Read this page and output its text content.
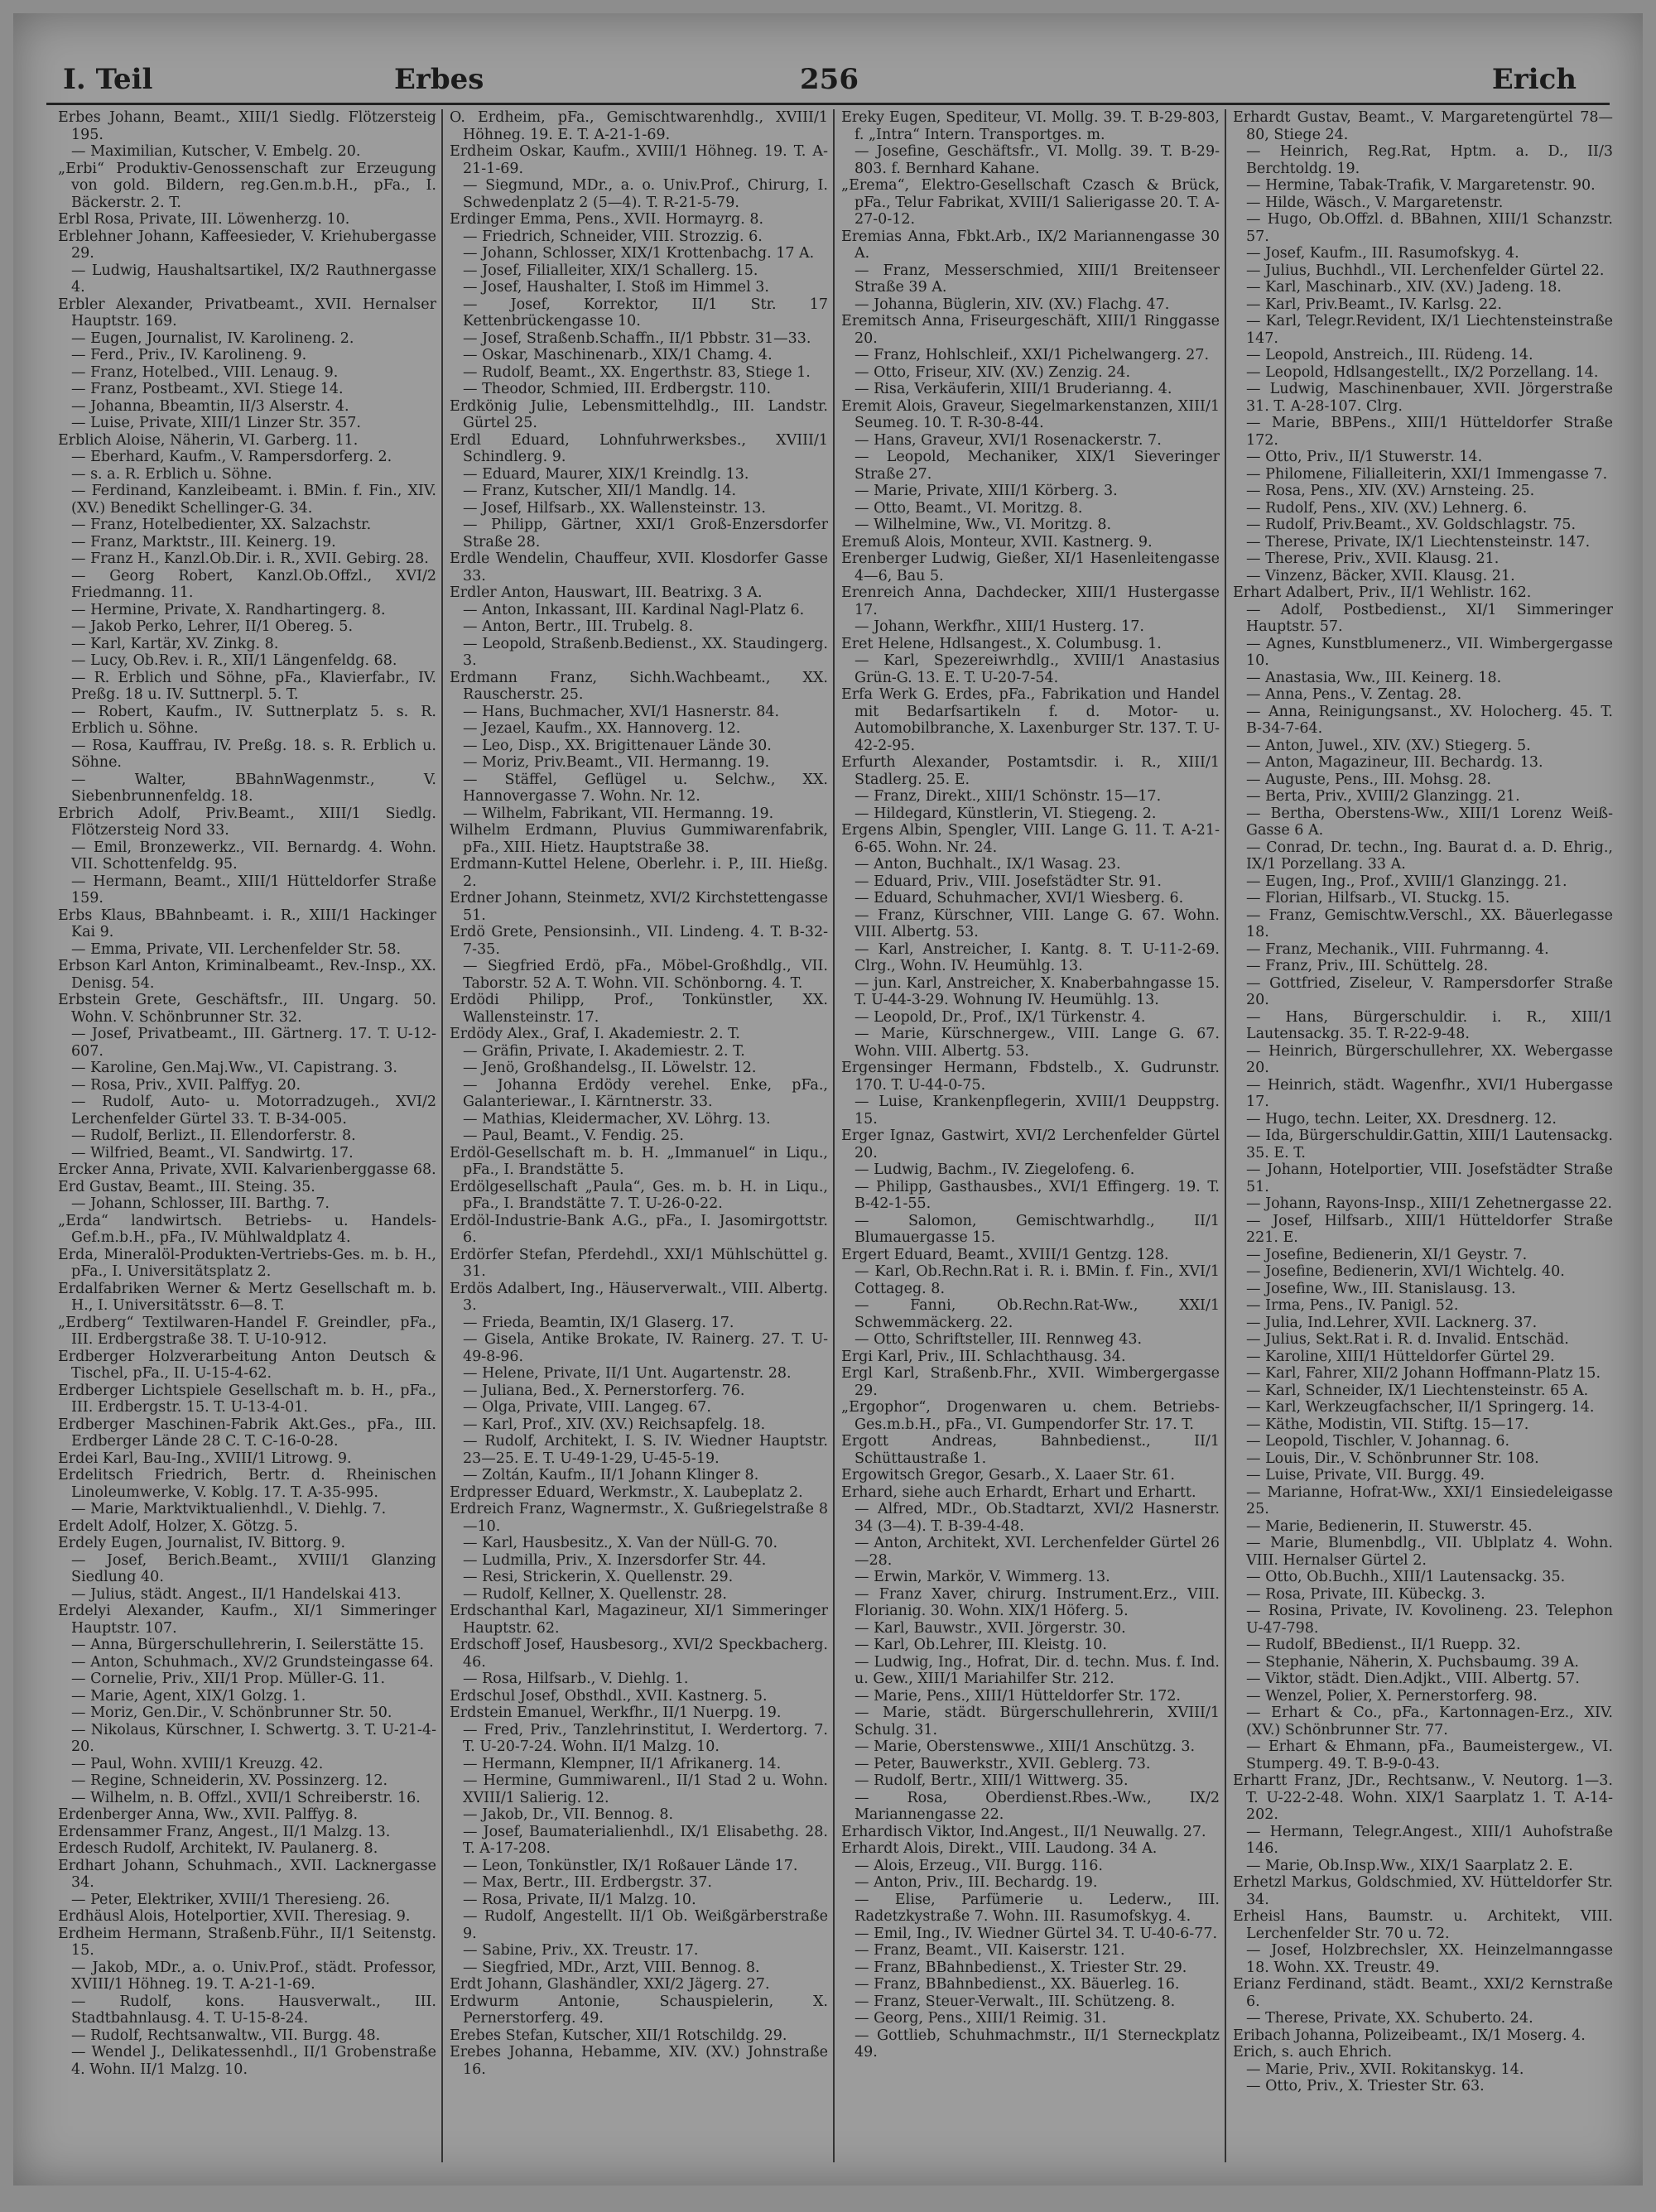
I. Teil	Erbes	256	Erich

Erbes Johann, Beamt., XIII/1 Siedlg. Flötzersteig 195.

— Maximilian, Kutscher, V. Embelg. 20.

„Erbi“ Produktiv-Genossenschaft zur Erzeugung von gold. Bildern, reg.Gen.m.b.H., pFa., I. Bäckerstr. 2. T.

Erbl Rosa, Private, III. Löwenherzg. 10.

Erblehner Johann, Kaffeesieder, V. Kriehubergasse 29.

— Ludwig, Haushaltsartikel, IX/2 Rauthnergasse 4.

Erbler Alexander, Privatbeamt., XVII. Hernalser Hauptstr. 169.

— Eugen, Journalist, IV. Karolineng. 2.

— Ferd., Priv., IV. Karolineng. 9.

— Franz, Hotelbed., VIII. Lenaug. 9.

— Franz, Postbeamt., XVI. Stiege 14.

— Johanna, Bbeamtin, II/3 Alserstr. 4.

— Luise, Private, XIII/1 Linzer Str. 357.

Erblich Aloise, Näherin, VI. Garberg. 11.

— Eberhard, Kaufm., V. Rampersdorferg. 2.

— s. a. R. Erblich u. Söhne.

— Ferdinand, Kanzleibeamt. i. BMin. f. Fin., XIV. (XV.) Benedikt Schellinger-G. 34.

— Franz, Hotelbedienter, XX. Salzachstr.

— Franz, Marktstr., III. Keinerg. 19.

— Franz H., Kanzl.Ob.Dir. i. R., XVII. Gebirg. 28.

— Georg Robert, Kanzl.Ob.Offzl., XVI/2 Friedmanng. 11.

— Hermine, Private, X. Randhartingerg. 8.

— Jakob Perko, Lehrer, II/1 Obereg. 5.

— Karl, Kartär, XV. Zinkg. 8.

— Lucy, Ob.Rev. i. R., XII/1 Längenfeldg. 68.

— R. Erblich und Söhne, pFa., Klavierfabr., IV. Preßg. 18 u. IV. Suttnerpl. 5. T.

— Robert, Kaufm., IV. Suttnerplatz 5. s. R. Erblich u. Söhne.

— Rosa, Kauffrau, IV. Preßg. 18. s. R. Erblich u. Söhne.

— Walter, BBahnWagenmstr., V. Siebenbrunnenfeldg. 18.

Erbrich Adolf, Priv.Beamt., XIII/1 Siedlg. Flötzersteig Nord 33.

— Emil, Bronzewerkz., VII. Bernardg. 4. Wohn. VII. Schottenfeldg. 95.

— Hermann, Beamt., XIII/1 Hütteldorfer Straße 159.

Erbs Klaus, BBahnbeamt. i. R., XIII/1 Hackinger Kai 9.

— Emma, Private, VII. Lerchenfelder Str. 58.

Erbson Karl Anton, Kriminalbeamt., Rev.-Insp., XX. Denisg. 54.

Erbstein Grete, Geschäftsfr., III. Ungarg. 50. Wohn. V. Schönbrunner Str. 32.

— Josef, Privatbeamt., III. Gärtnerg. 17. T. U-12-607.

— Karoline, Gen.Maj.Ww., VI. Capistrang. 3.

— Rosa, Priv., XVII. Palffyg. 20.

— Rudolf, Auto- u. Motorradzugeh., XVI/2 Lerchenfelder Gürtel 33. T. B-34-005.

— Rudolf, Berlizt., II. Ellendorferstr. 8.

— Wilfried, Beamt., VI. Sandwirtg. 17.

Ercker Anna, Private, XVII. Kalvarienberggasse 68.

Erd Gustav, Beamt., III. Steing. 35.

— Johann, Schlosser, III. Barthg. 7.

„Erda“ landwirtsch. Betriebs- u. Handels-Gef.m.b.H., pFa., IV. Mühlwaldplatz 4.

Erda, Mineralöl-Produkten-Vertriebs-Ges. m. b. H., pFa., I. Universitätsplatz 2.

Erdalfabriken Werner & Mertz Gesellschaft m. b. H., I. Universitätsstr. 6—8. T.

„Erdberg“ Textilwaren-Handel F. Greindler, pFa., III. Erdbergstraße 38. T. U-10-912.

Erdberger Holzverarbeitung Anton Deutsch & Tischel, pFa., II. U-15-4-62.

Erdberger Lichtspiele Gesellschaft m. b. H., pFa., III. Erdbergstr. 15. T. U-13-4-01.

Erdberger Maschinen-Fabrik Akt.Ges., pFa., III. Erdberger Lände 28 C. T. C-16-0-28.

Erdei Karl, Bau-Ing., XVIII/1 Litrowg. 9.

Erdelitsch Friedrich, Bertr. d. Rheinischen Linoleumwerke, V. Koblg. 17. T. A-35-995.

— Marie, Marktviktualienhdl., V. Diehlg. 7.

Erdelt Adolf, Holzer, X. Götzg. 5.

Erdely Eugen, Journalist, IV. Bittorg. 9.

— Josef, Berich.Beamt., XVIII/1 Glanzing Siedlung 40.

— Julius, städt. Angest., II/1 Handelskai 413.

Erdelyi Alexander, Kaufm., XI/1 Simmeringer Hauptstr. 107.

— Anna, Bürgerschullehrerin, I. Seilerstätte 15.

— Anton, Schuhmach., XV/2 Grundsteingasse 64.

— Cornelie, Priv., XII/1 Prop. Müller-G. 11.

— Marie, Agent, XIX/1 Golzg. 1.

— Moriz, Gen.Dir., V. Schönbrunner Str. 50.

— Nikolaus, Kürschner, I. Schwertg. 3. T. U-21-4-20.

— Paul, Wohn. XVIII/1 Kreuzg. 42.

— Regine, Schneiderin, XV. Possinzerg. 12.

— Wilhelm, n. B. Offzl., XVII/1 Schreiberstr. 16.

Erdenberger Anna, Ww., XVII. Palffyg. 8.

Erdensammer Franz, Angest., II/1 Malzg. 13.

Erdesch Rudolf, Architekt, IV. Paulanerg. 8.

Erdhart Johann, Schuhmach., XVII. Lacknergasse 34.

— Peter, Elektriker, XVIII/1 Theresieng. 26.

Erdhäusl Alois, Hotelportier, XVII. Theresiag. 9.

Erdheim Hermann, Straßenb.Führ., II/1 Seitenstg. 15.

— Jakob, MDr., a. o. Univ.Prof., städt. Professor, XVIII/1 Höhneg. 19. T. A-21-1-69.

— Rudolf, kons. Hausverwalt., III. Stadtbahnlausg. 4. T. U-15-8-24.

— Rudolf, Rechtsanwaltw., VII. Burgg. 48.

— Wendel J., Delikatessenhdl., II/1 Grobenstraße 4. Wohn. II/1 Malzg. 10.

O. Erdheim, pFa., Gemischtwarenhdlg., XVIII/1 Höhneg. 19. E. T. A-21-1-69.

Erdheim Oskar, Kaufm., XVIII/1 Höhneg. 19. T. A-21-1-69.

— Siegmund, MDr., a. o. Univ.Prof., Chirurg, I. Schwedenplatz 2 (5—4). T. R-21-5-79.

Erdinger Emma, Pens., XVII. Hormayrg. 8.

— Friedrich, Schneider, VIII. Strozzig. 6.

— Johann, Schlosser, XIX/1 Krottenbachg. 17 A.

— Josef, Filialleiter, XIX/1 Schallerg. 15.

— Josef, Haushalter, I. Stoß im Himmel 3.

— Josef, Korrektor, II/1 Str. 17 Kettenbrückengasse 10.

— Josef, Straßenb.Schaffn., II/1 Pbbstr. 31—33.

— Oskar, Maschinenarb., XIX/1 Chamg. 4.

— Rudolf, Beamt., XX. Engerthstr. 83, Stiege 1.

— Theodor, Schmied, III. Erdbergstr. 110.

Erdkönig Julie, Lebensmittelhdlg., III. Landstr. Gürtel 25.

Erdl Eduard, Lohnfuhrwerksbes., XVIII/1 Schindlerg. 9.

— Eduard, Maurer, XIX/1 Kreindlg. 13.

— Franz, Kutscher, XII/1 Mandlg. 14.

— Josef, Hilfsarb., XX. Wallensteinstr. 13.

— Philipp, Gärtner, XXI/1 Groß-Enzersdorfer Straße 28.

Erdle Wendelin, Chauffeur, XVII. Klosdorfer Gasse 33.

Erdler Anton, Hauswart, III. Beatrixg. 3 A.

— Anton, Inkassant, III. Kardinal Nagl-Platz 6.

— Anton, Bertr., III. Trubelg. 8.

— Leopold, Straßenb.Bedienst., XX. Staudingerg. 3.

Erdmann Franz, Sichh.Wachbeamt., XX. Rauscherstr. 25.

— Hans, Buchmacher, XVI/1 Hasnerstr. 84.

— Jezael, Kaufm., XX. Hannoverg. 12.

— Leo, Disp., XX. Brigittenauer Lände 30.

— Moriz, Priv.Beamt., VII. Hermanng. 19.

— Stäffel, Geflügel u. Selchw., XX. Hannovergasse 7. Wohn. Nr. 12.

— Wilhelm, Fabrikant, VII. Hermanng. 19.

Wilhelm Erdmann, Pluvius Gummiwarenfabrik, pFa., XIII. Hietz. Hauptstraße 38.

Erdmann-Kuttel Helene, Oberlehr. i. P., III. Hießg. 2.

Erdner Johann, Steinmetz, XVI/2 Kirchstettengasse 51.

Erdö Grete, Pensionsinh., VII. Lindeng. 4. T. B-32-7-35.

— Siegfried Erdö, pFa., Möbel-Großhdlg., VII. Taborstr. 52 A. T. Wohn. VII. Schönborng. 4. T.

Erdödi Philipp, Prof., Tonkünstler, XX. Wallensteinstr. 17.

Erdödy Alex., Graf, I. Akademiestr. 2. T.

— Gräfin, Private, I. Akademiestr. 2. T.

— Jenö, Großhandelsg., II. Löwelstr. 12.

— Johanna Erdödy verehel. Enke, pFa., Galanteriewar., I. Kärntnerstr. 33.

— Mathias, Kleidermacher, XV. Löhrg. 13.

— Paul, Beamt., V. Fendig. 25.

Erdöl-Gesellschaft m. b. H. „Immanuel“ in Liqu., pFa., I. Brandstätte 5.

Erdölgesellschaft „Paula“, Ges. m. b. H. in Liqu., pFa., I. Brandstätte 7. T. U-26-0-22.

Erdöl-Industrie-Bank A.G., pFa., I. Jasomirgottstr. 6.

Erdörfer Stefan, Pferdehdl., XXI/1 Mühlschüttel g. 31.

Erdös Adalbert, Ing., Häuserverwalt., VIII. Albertg. 3.

— Frieda, Beamtin, IX/1 Glaserg. 17.

— Gisela, Antike Brokate, IV. Rainerg. 27. T. U-49-8-96.

— Helene, Private, II/1 Unt. Augartenstr. 28.

— Juliana, Bed., X. Pernerstorferg. 76.

— Olga, Private, VIII. Langeg. 67.

— Karl, Prof., XIV. (XV.) Reichsapfelg. 18.

— Rudolf, Architekt, I. S. IV. Wiedner Hauptstr. 23—25. E. T. U-49-1-29, U-45-5-19.

— Zoltán, Kaufm., II/1 Johann Klinger 8.

Erdpresser Eduard, Werkmstr., X. Laubeplatz 2.

Erdreich Franz, Wagnermstr., X. Gußriegelstraße 8—10.

— Karl, Hausbesitz., X. Van der Nüll-G. 70.

— Ludmilla, Priv., X. Inzersdorfer Str. 44.

— Resi, Strickerin, X. Quellenstr. 29.

— Rudolf, Kellner, X. Quellenstr. 28.

Erdschanthal Karl, Magazineur, XI/1 Simmeringer Hauptstr. 62.

Erdschoff Josef, Hausbesorg., XVI/2 Speckbacherg. 46.

— Rosa, Hilfsarb., V. Diehlg. 1.

Erdschul Josef, Obsthdl., XVII. Kastnerg. 5.

Erdstein Emanuel, Werkfhr., II/1 Nuerpg. 19.

— Fred, Priv., Tanzlehrinstitut, I. Werdertorg. 7. T. U-20-7-24. Wohn. II/1 Malzg. 10.

— Hermann, Klempner, II/1 Afrikanerg. 14.

— Hermine, Gummiwarenl., II/1 Stad 2 u. Wohn. XVIII/1 Salierig. 12.

— Jakob, Dr., VII. Bennog. 8.

— Josef, Baumaterialienhdl., IX/1 Elisabethg. 28. T. A-17-208.

— Leon, Tonkünstler, IX/1 Roßauer Lände 17.

— Max, Bertr., III. Erdbergstr. 37.

— Rosa, Private, II/1 Malzg. 10.

— Rudolf, Angestellt. II/1 Ob. Weißgärberstraße 9.

— Sabine, Priv., XX. Treustr. 17.

— Siegfried, MDr., Arzt, VIII. Bennog. 8.

Erdt Johann, Glashändler, XXI/2 Jägerg. 27.

Erdwurm Antonie, Schauspielerin, X. Pernerstorferg. 49.

Erebes Stefan, Kutscher, XII/1 Rotschildg. 29.

Erebes Johanna, Hebamme, XIV. (XV.) Johnstraße 16.

Ereky Eugen, Spediteur, VI. Mollg. 39. T. B-29-803, f. „Intra“ Intern. Transportges. m.

— Josefine, Geschäftsfr., VI. Mollg. 39. T. B-29-803. f. Bernhard Kahane.

„Erema“, Elektro-Gesellschaft Czasch & Brück, pFa., Telur Fabrikat, XVIII/1 Salierigasse 20. T. A-27-0-12.

Eremias Anna, Fbkt.Arb., IX/2 Mariannengasse 30 A.

— Franz, Messerschmied, XIII/1 Breitenseer Straße 39 A.

— Johanna, Büglerin, XIV. (XV.) Flachg. 47.

Eremitsch Anna, Friseurgeschäft, XIII/1 Ringgasse 20.

— Franz, Hohlschleif., XXI/1 Pichelwangerg. 27.

— Otto, Friseur, XIV. (XV.) Zenzig. 24.

— Risa, Verkäuferin, XIII/1 Bruderianng. 4.

Eremit Alois, Graveur, Siegelmarkenstanzen, XIII/1 Seumeg. 10. T. R-30-8-44.

— Hans, Graveur, XVI/1 Rosenackerstr. 7.

— Leopold, Mechaniker, XIX/1 Sieveringer Straße 27.

— Marie, Private, XIII/1 Körberg. 3.

— Otto, Beamt., VI. Moritzg. 8.

— Wilhelmine, Ww., VI. Moritzg. 8.

Eremuß Alois, Monteur, XVII. Kastnerg. 9.

Erenberger Ludwig, Gießer, XI/1 Hasenleitengasse 4—6, Bau 5.

Erenreich Anna, Dachdecker, XIII/1 Hustergasse 17.

— Johann, Werkfhr., XIII/1 Husterg. 17.

Eret Helene, Hdlsangest., X. Columbusg. 1.

— Karl, Spezereiwrhdlg., XVIII/1 Anastasius Grün-G. 13. E. T. U-20-7-54.

Erfa Werk G. Erdes, pFa., Fabrikation und Handel mit Bedarfsartikeln f. d. Motor- u. Automobilbranche, X. Laxenburger Str. 137. T. U-42-2-95.

Erfurth Alexander, Postamtsdir. i. R., XIII/1 Stadlerg. 25. E.

— Franz, Direkt., XIII/1 Schönstr. 15—17.

— Hildegard, Künstlerin, VI. Stiegeng. 2.

Ergens Albin, Spengler, VIII. Lange G. 11. T. A-21-6-65. Wohn. Nr. 24.

— Anton, Buchhalt., IX/1 Wasag. 23.

— Eduard, Priv., VIII. Josefstädter Str. 91.

— Eduard, Schuhmacher, XVI/1 Wiesberg. 6.

— Franz, Kürschner, VIII. Lange G. 67. Wohn. VIII. Albertg. 53.

— Karl, Anstreicher, I. Kantg. 8. T. U-11-2-69. Clrg., Wohn. IV. Heumühlg. 13.

— jun. Karl, Anstreicher, X. Knaberbahngasse 15. T. U-44-3-29. Wohnung IV. Heumühlg. 13.

— Leopold, Dr., Prof., IX/1 Türkenstr. 4.

— Marie, Kürschnergew., VIII. Lange G. 67. Wohn. VIII. Albertg. 53.

Ergensinger Hermann, Fbdstelb., X. Gudrunstr. 170. T. U-44-0-75.

— Luise, Krankenpflegerin, XVIII/1 Deuppstrg. 15.

Erger Ignaz, Gastwirt, XVI/2 Lerchenfelder Gürtel 20.

— Ludwig, Bachm., IV. Ziegelofeng. 6.

— Philipp, Gasthausbes., XVI/1 Effingerg. 19. T. B-42-1-55.

— Salomon, Gemischtwarhdlg., II/1 Blumauergasse 15.

Ergert Eduard, Beamt., XVIII/1 Gentzg. 128.

— Karl, Ob.Rechn.Rat i. R. i. BMin. f. Fin., XVI/1 Cottageg. 8.

— Fanni, Ob.Rechn.Rat-Ww., XXI/1 Schwemmäckerg. 22.

— Otto, Schriftsteller, III. Rennweg 43.

Ergi Karl, Priv., III. Schlachthausg. 34.

Ergl Karl, Straßenb.Fhr., XVII. Wimbergergasse 29.

„Ergophor“, Drogenwaren u. chem. Betriebs-Ges.m.b.H., pFa., VI. Gumpendorfer Str. 17. T.

Ergott Andreas, Bahnbedienst., II/1 Schüttaustraße 1.

Ergowitsch Gregor, Gesarb., X. Laaer Str. 61.

Erhard, siehe auch Erhardt, Erhart und Erhartt.

— Alfred, MDr., Ob.Stadtarzt, XVI/2 Hasnerstr. 34 (3—4). T. B-39-4-48.

— Anton, Architekt, XVI. Lerchenfelder Gürtel 26—28.

— Erwin, Markör, V. Wimmerg. 13.

— Franz Xaver, chirurg. Instrument.Erz., VIII. Florianig. 30. Wohn. XIX/1 Höferg. 5.

— Karl, Bauwstr., XVII. Jörgerstr. 30.

— Karl, Ob.Lehrer, III. Kleistg. 10.

— Ludwig, Ing., Hofrat, Dir. d. techn. Mus. f. Ind. u. Gew., XIII/1 Mariahilfer Str. 212.

— Marie, Pens., XIII/1 Hütteldorfer Str. 172.

— Marie, städt. Bürgerschullehrerin, XVIII/1 Schulg. 31.

— Marie, Oberstenswwe., XIII/1 Anschützg. 3.

— Peter, Bauwerkstr., XVII. Geblerg. 73.

— Rudolf, Bertr., XIII/1 Wittwerg. 35.

— Rosa, Oberdienst.Rbes.-Ww., IX/2 Mariannengasse 22.

Erhardisch Viktor, Ind.Angest., II/1 Neuwallg. 27.

Erhardt Alois, Direkt., VIII. Laudong. 34 A.

— Alois, Erzeug., VII. Burgg. 116.

— Anton, Priv., III. Bechardg. 19.

— Elise, Parfümerie u. Lederw., III. Radetzkystraße 7. Wohn. III. Rasumofskyg. 4.

— Emil, Ing., IV. Wiedner Gürtel 34. T. U-40-6-77.

— Franz, Beamt., VII. Kaiserstr. 121.

— Franz, BBahnbedienst., X. Triester Str. 29.

— Franz, BBahnbedienst., XX. Bäuerleg. 16.

— Franz, Steuer-Verwalt., III. Schützeng. 8.

— Georg, Pens., XIII/1 Reimig. 31.

— Gottlieb, Schuhmachmstr., II/1 Sterneckplatz 49.

Erhardt Gustav, Beamt., V. Margaretengürtel 78—80, Stiege 24.

— Heinrich, Reg.Rat, Hptm. a. D., II/3 Berchtoldg. 19.

— Hermine, Tabak-Trafik, V. Margaretenstr. 90.

— Hilde, Wäsch., V. Margaretenstr.

— Hugo, Ob.Offzl. d. BBahnen, XIII/1 Schanzstr. 57.

— Josef, Kaufm., III. Rasumofskyg. 4.

— Julius, Buchhdl., VII. Lerchenfelder Gürtel 22.

— Karl, Maschinarb., XIV. (XV.) Jadeng. 18.

— Karl, Priv.Beamt., IV. Karlsg. 22.

— Karl, Telegr.Revident, IX/1 Liechtensteinstraße 147.

— Leopold, Anstreich., III. Rüdeng. 14.

— Leopold, Hdlsangestellt., IX/2 Porzellang. 14.

— Ludwig, Maschinenbauer, XVII. Jörgerstraße 31. T. A-28-107. Clrg.

— Marie, BBPens., XIII/1 Hütteldorfer Straße 172.

— Otto, Priv., II/1 Stuwerstr. 14.

— Philomene, Filialleiterin, XXI/1 Immengasse 7.

— Rosa, Pens., XIV. (XV.) Arnsteing. 25.

— Rudolf, Pens., XIV. (XV.) Lehnerg. 6.

— Rudolf, Priv.Beamt., XV. Goldschlagstr. 75.

— Therese, Private, IX/1 Liechtensteinstr. 147.

— Therese, Priv., XVII. Klausg. 21.

— Vinzenz, Bäcker, XVII. Klausg. 21.

Erhart Adalbert, Priv., II/1 Wehlistr. 162.

— Adolf, Postbedienst., XI/1 Simmeringer Hauptstr. 57.

— Agnes, Kunstblumenerz., VII. Wimbergergasse 10.

— Anastasia, Ww., III. Keinerg. 18.

— Anna, Pens., V. Zentag. 28.

— Anna, Reinigungsanst., XV. Holocherg. 45. T. B-34-7-64.

— Anton, Juwel., XIV. (XV.) Stiegerg. 5.

— Anton, Magazineur, III. Bechardg. 13.

— Auguste, Pens., III. Mohsg. 28.

— Berta, Priv., XVIII/2 Glanzingg. 21.

— Bertha, Oberstens-Ww., XIII/1 Lorenz Weiß-Gasse 6 A.

— Conrad, Dr. techn., Ing. Baurat d. a. D. Ehrig., IX/1 Porzellang. 33 A.

— Eugen, Ing., Prof., XVIII/1 Glanzingg. 21.

— Florian, Hilfsarb., VI. Stuckg. 15.

— Franz, Gemischtw.Verschl., XX. Bäuerlegasse 18.

— Franz, Mechanik., VIII. Fuhrmanng. 4.

— Franz, Priv., III. Schüttelg. 28.

— Gottfried, Ziseleur, V. Rampersdorfer Straße 20.

— Hans, Bürgerschuldir. i. R., XIII/1 Lautensackg. 35. T. R-22-9-48.

— Heinrich, Bürgerschullehrer, XX. Webergasse 20.

— Heinrich, städt. Wagenfhr., XVI/1 Hubergasse 17.

— Hugo, techn. Leiter, XX. Dresdnerg. 12.

— Ida, Bürgerschuldir.Gattin, XIII/1 Lautensackg. 35. E. T.

— Johann, Hotelportier, VIII. Josefstädter Straße 51.

— Johann, Rayons-Insp., XIII/1 Zehetnergasse 22.

— Josef, Hilfsarb., XIII/1 Hütteldorfer Straße 221. E.

— Josefine, Bedienerin, XI/1 Geystr. 7.

— Josefine, Bedienerin, XVI/1 Wichtelg. 40.

— Josefine, Ww., III. Stanislausg. 13.

— Irma, Pens., IV. Panigl. 52.

— Julia, Ind.Lehrer, XVII. Lacknerg. 37.

— Julius, Sekt.Rat i. R. d. Invalid. Entschäd.

— Karoline, XIII/1 Hütteldorfer Gürtel 29.

— Karl, Fahrer, XII/2 Johann Hoffmann-Platz 15.

— Karl, Schneider, IX/1 Liechtensteinstr. 65 A.

— Karl, Werkzeugfachscher, II/1 Springerg. 14.

— Käthe, Modistin, VII. Stiftg. 15—17.

— Leopold, Tischler, V. Johannag. 6.

— Louis, Dir., V. Schönbrunner Str. 108.

— Luise, Private, VII. Burgg. 49.

— Marianne, Hofrat-Ww., XXI/1 Einsiedeleigasse 25.

— Marie, Bedienerin, II. Stuwerstr. 45.

— Marie, Blumenbdlg., VII. Ublplatz 4. Wohn. VIII. Hernalser Gürtel 2.

— Otto, Ob.Buchh., XIII/1 Lautensackg. 35.

— Rosa, Private, III. Kübeckg. 3.

— Rosina, Private, IV. Kovolineng. 23. Telephon U-47-798.

— Rudolf, BBedienst., II/1 Ruepp. 32.

— Stephanie, Näherin, X. Puchsbaumg. 39 A.

— Viktor, städt. Dien.Adjkt., VIII. Albertg. 57.

— Wenzel, Polier, X. Pernerstorferg. 98.

— Erhart & Co., pFa., Kartonnagen-Erz., XIV. (XV.) Schönbrunner Str. 77.

— Erhart & Ehmann, pFa., Baumeistergew., VI. Stumperg. 49. T. B-9-0-43.

Erhartt Franz, JDr., Rechtsanw., V. Neutorg. 1—3. T. U-22-2-48. Wohn. XIX/1 Saarplatz 1. T. A-14-202.

— Hermann, Telegr.Angest., XIII/1 Auhofstraße 146.

— Marie, Ob.Insp.Ww., XIX/1 Saarplatz 2. E.

Erhetzl Markus, Goldschmied, XV. Hütteldorfer Str. 34.

Erheisl Hans, Baumstr. u. Architekt, VIII. Lerchenfelder Str. 70 u. 72.

— Josef, Holzbrechsler, XX. Heinzelmanngasse 18. Wohn. XX. Treustr. 49.

Erianz Ferdinand, städt. Beamt., XXI/2 Kernstraße 6.

— Therese, Private, XX. Schuberto. 24.

Eribach Johanna, Polizeibeamt., IX/1 Moserg. 4.

Erich, s. auch Ehrich.

— Marie, Priv., XVII. Rokitanskyg. 14.

— Otto, Priv., X. Triester Str. 63.
